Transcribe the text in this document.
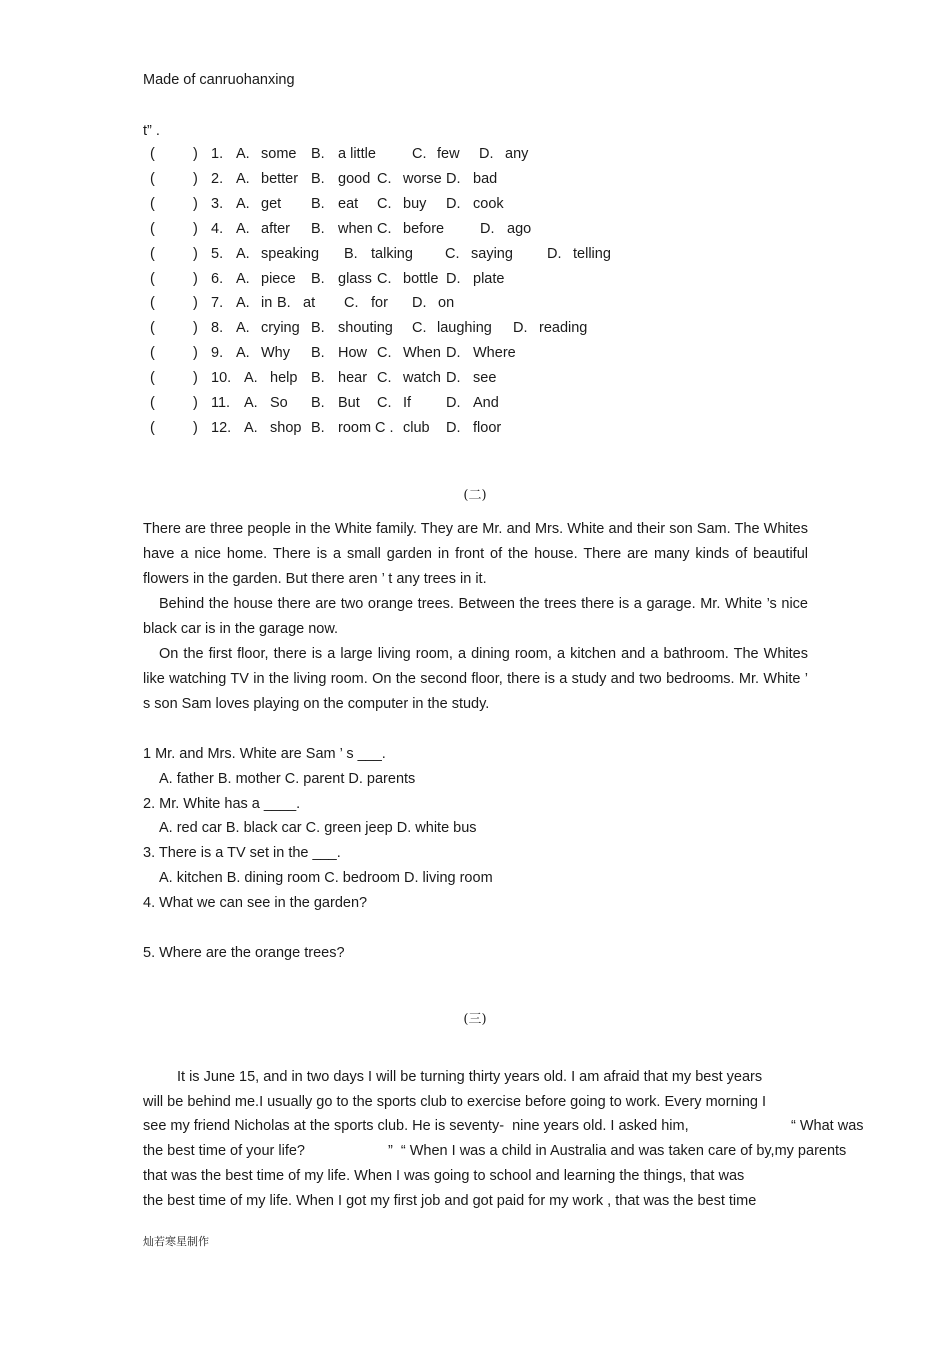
Made of canruohanxing
t” .
(	) 1. A. some B. a little C. few D. any
(	) 2. A. better B. good C. worse D. bad
(	) 3. A. get B. eat C. buy D. cook
(	) 4. A. after B. when C. before D. ago
(	) 5. A. speaking B. talking C. saying D. telling
(	) 6. A. piece B. glass C. bottle D. plate
(	) 7. A. in B. at C. for D. on
(	) 8. A. crying B. shouting C. laughing D. reading
(	) 9. A. Why B. How C. When D. Where
(	) 10. A. help B. hear C. watch D. see
(	) 11. A. So B. But C. If D. And
(	) 12. A. shop B. room C . club D. floor
(二)

There are three people in the White family. They are Mr. and Mrs. White and their son Sam. The Whites have a nice home. There is a small garden in front of the house. There are many kinds of beautiful flowers in the garden. But there aren ’ t any trees in it.

Behind the house there are two orange trees. Between the trees there is a garage. Mr. White ’s nice black car is in the garage now.

On the first floor, there is a large living room, a dining room, a kitchen and a bathroom. The Whites like watching TV in the living room. On the second floor, there is a study and two bedrooms. Mr. White ’ s son Sam loves playing on the computer in the study.

1 Mr. and Mrs. White are Sam ’ s ___.
A. father B. mother C. parent D. parents
2. Mr. White has a ____.
A. red car B. black car C. green jeep D. white bus
3. There is a TV set in the ___.
A. kitchen B. dining room C. bedroom D. living room
4. What we can see in the garden?
5. Where are the orange trees?
(三)
It is June 15, and in two days I will be turning thirty years old. I am afraid that my best years
will be behind me.I usually go to the sports club to exercise before going to work. Every morning I
see my friend Nicholas at the sports club. He is seventy-  nine years old. I asked him,	“ What was
the best time of your life?	”  “ When I was a child in Australia and was taken care of by,my parents
that was the best time of my life. When I was going to school and learning the things, that was
the best time of my life. When I got my first job and got paid for my work , that was the best time
灿若寒星制作
